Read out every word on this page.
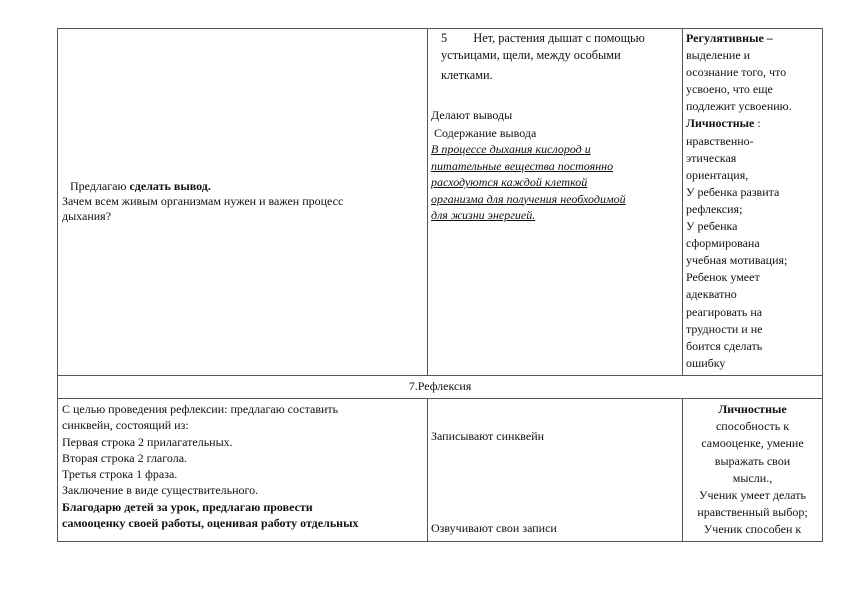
Предлагаю сделать вывод.
Зачем всем живым организмам нужен и важен процесс
дыхания?
5 Нет, растения дышат с помощью
устьицами, щели, между особыми
клетками.
Делают выводы
Содержание вывода
В процессе дыхания кислород и
питательные вещества постоянно
расходуются каждой клеткой
организма для получения необходимой
для жизни энергией.
Регулятивные –
выделение и
осознание того, что
усвоено, что еще
подлежит усвоению.
Личностные :
нравственно-
этическая
ориентация,
У ребенка развита
рефлексия;
У ребенка
сформирована
учебная мотивация;
Ребенок умеет
адекватно
реагировать на
трудности и не
боится сделать
ошибку
7.Рефлексия
С целью проведения рефлексии: предлагаю составить
синквейн, состоящий из:
Первая строка 2 прилагательных.
Вторая строка 2 глагола.
Третья строка 1 фраза.
Заключение в виде существительного.
Благодарю детей за урок, предлагаю провести
самооценку своей работы, оценивая работу отдельных
Записывают синквейн
Озвучивают свои записи
Личностные
способность к
самооценке, умение
выражать свои
мысли.,
Ученик умеет делать
нравственный выбор;
Ученик способен к
